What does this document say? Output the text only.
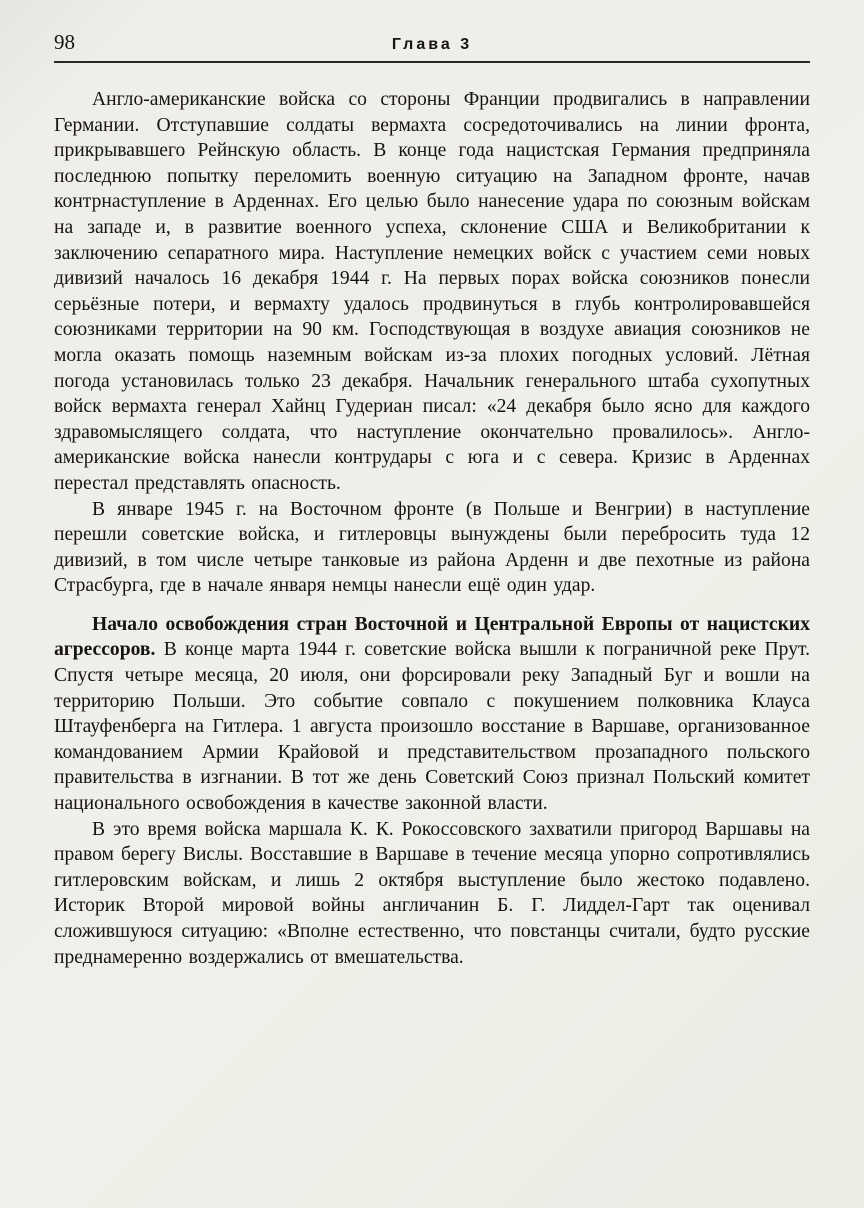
98	Глава 3

Англо-американские войска со стороны Франции продвигались в направлении Германии. Отступавшие солдаты вермахта сосредоточивались на линии фронта, прикрывавшего Рейнскую область. В конце года нацистская Германия предприняла последнюю попытку переломить военную ситуацию на Западном фронте, начав контрнаступление в Арденнах. Его целью было нанесение удара по союзным войскам на западе и, в развитие военного успеха, склонение США и Великобритании к заключению сепаратного мира. Наступление немецких войск с участием семи новых дивизий началось 16 декабря 1944 г. На первых порах войска союзников понесли серьёзные потери, и вермахту удалось продвинуться в глубь контролировавшейся союзниками территории на 90 км. Господствующая в воздухе авиация союзников не могла оказать помощь наземным войскам из-за плохих погодных условий. Лётная погода установилась только 23 декабря. Начальник генерального штаба сухопутных войск вермахта генерал Хайнц Гудериан писал: «24 декабря было ясно для каждого здравомыслящего солдата, что наступление окончательно провалилось». Англо-американские войска нанесли контрудары с юга и с севера. Кризис в Арденнах перестал представлять опасность.

В январе 1945 г. на Восточном фронте (в Польше и Венгрии) в наступление перешли советские войска, и гитлеровцы вынуждены были перебросить туда 12 дивизий, в том числе четыре танковые из района Арденн и две пехотные из района Страсбурга, где в начале января немцы нанесли ещё один удар.

Начало освобождения стран Восточной и Центральной Европы от нацистских агрессоров. В конце марта 1944 г. советские войска вышли к пограничной реке Прут. Спустя четыре месяца, 20 июля, они форсировали реку Западный Буг и вошли на территорию Польши. Это событие совпало с покушением полковника Клауса Штауфенберга на Гитлера. 1 августа произошло восстание в Варшаве, организованное командованием Армии Крайовой и представительством прозападного польского правительства в изгнании. В тот же день Советский Союз признал Польский комитет национального освобождения в качестве законной власти.

В это время войска маршала К. К. Рокоссовского захватили пригород Варшавы на правом берегу Вислы. Восставшие в Варшаве в течение месяца упорно сопротивлялись гитлеровским войскам, и лишь 2 октября выступление было жестоко подавлено. Историк Второй мировой войны англичанин Б. Г. Лиддел-Гарт так оценивал сложившуюся ситуацию: «Вполне естественно, что повстанцы считали, будто русские преднамеренно воздержались от вмешательства.
